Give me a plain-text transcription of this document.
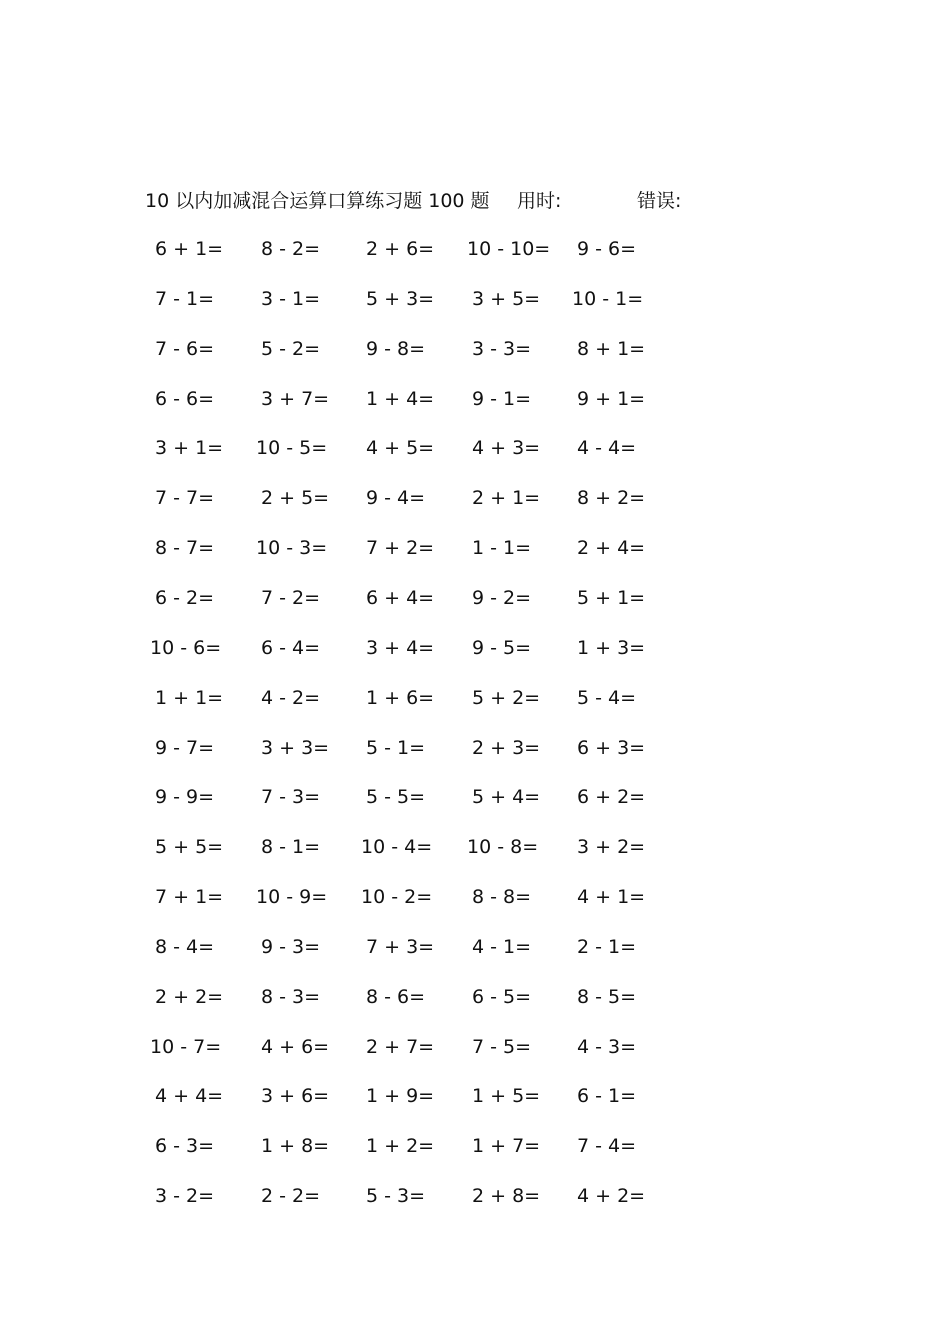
10 以内加减混合运算口算练习题 100 题 用时:	错误:
6 + 1=	8 - 2=	2 + 6=	10 - 10=	9 - 6=
7 - 1=	3 - 1=	5 + 3=	3 + 5=	10 - 1=
7 - 6=	5 - 2=	9 - 8=	3 - 3=	8 + 1=
6 - 6=	3 + 7=	1 + 4=	9 - 1=	9 + 1=
3 + 1=	10 - 5=	4 + 5=	4 + 3=	4 - 4=
7 - 7=	2 + 5=	9 - 4=	2 + 1=	8 + 2=
8 - 7=	10 - 3=	7 + 2=	1 - 1=	2 + 4=
6 - 2=	7 - 2=	6 + 4=	9 - 2=	5 + 1=
10 - 6=	6 - 4=	3 + 4=	9 - 5=	1 + 3=
1 + 1=	4 - 2=	1 + 6=	5 + 2=	5 - 4=
9 - 7=	3 + 3=	5 - 1=	2 + 3=	6 + 3=
9 - 9=	7 - 3=	5 - 5=	5 + 4=	6 + 2=
5 + 5=	8 - 1=	10 - 4=	10 - 8=	3 + 2=
7 + 1=	10 - 9=	10 - 2=	8 - 8=	4 + 1=
8 - 4=	9 - 3=	7 + 3=	4 - 1=	2 - 1=
2 + 2=	8 - 3=	8 - 6=	6 - 5=	8 - 5=
10 - 7=	4 + 6=	2 + 7=	7 - 5=	4 - 3=
4 + 4=	3 + 6=	1 + 9=	1 + 5=	6 - 1=
6 - 3=	1 + 8=	1 + 2=	1 + 7=	7 - 4=
3 - 2=	2 - 2=	5 - 3=	2 + 8=	4 + 2=
